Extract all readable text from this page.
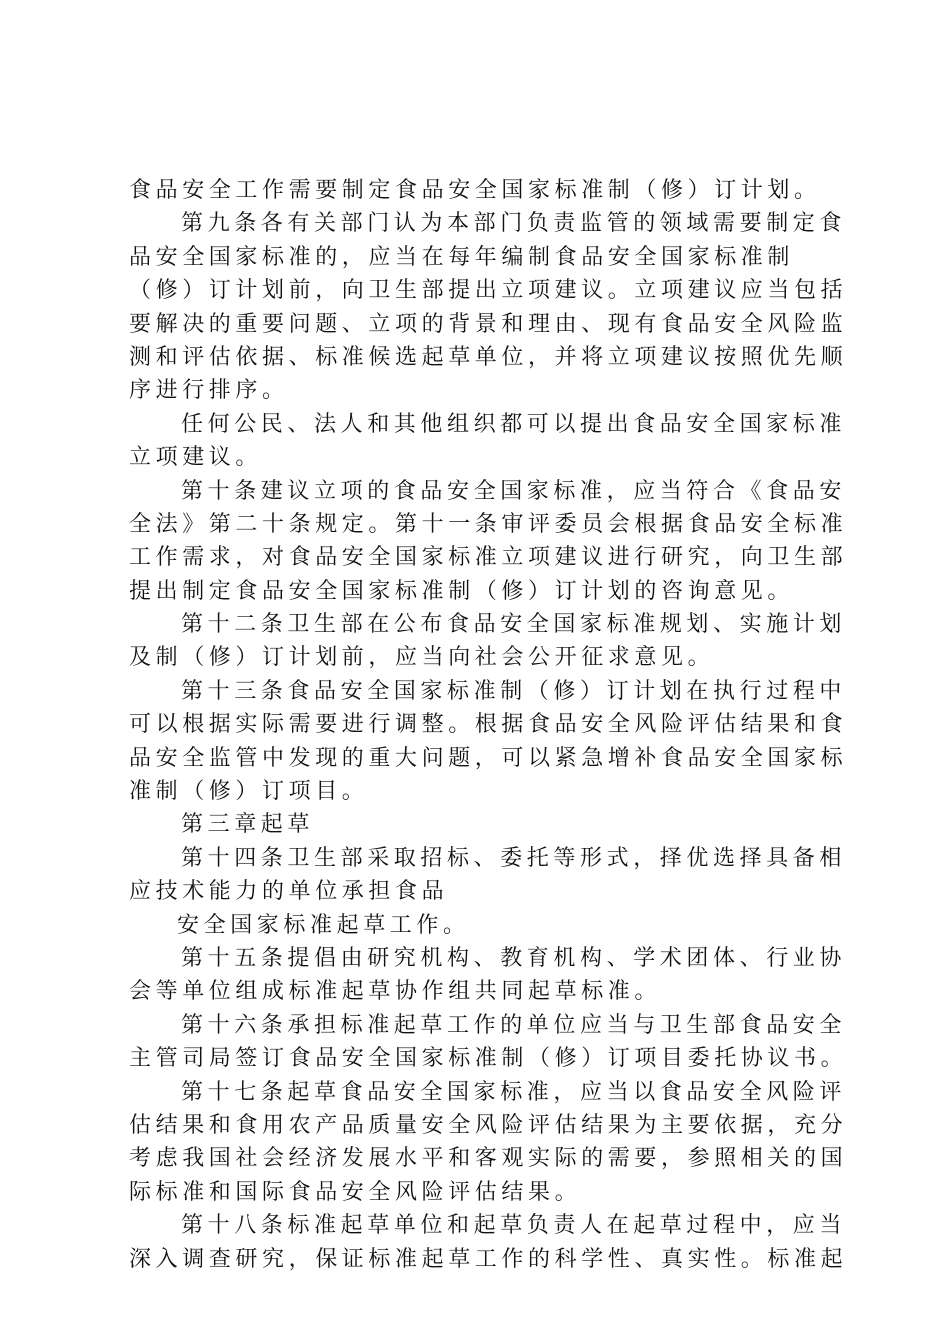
食品安全工作需要制定食品安全国家标准制（修）订计划。
第九条各有关部门认为本部门负责监管的领域需要制定食
品安全国家标准的，应当在每年编制食品安全国家标准制
（修）订计划前，向卫生部提出立项建议。立项建议应当包括
要解决的重要问题、立项的背景和理由、现有食品安全风险监
测和评估依据、标准候选起草单位，并将立项建议按照优先顺
序进行排序。
任何公民、法人和其他组织都可以提出食品安全国家标准
立项建议。
第十条建议立项的食品安全国家标准，应当符合《食品安
全法》第二十条规定。第十一条审评委员会根据食品安全标准
工作需求，对食品安全国家标准立项建议进行研究，向卫生部
提出制定食品安全国家标准制（修）订计划的咨询意见。
第十二条卫生部在公布食品安全国家标准规划、实施计划
及制（修）订计划前，应当向社会公开征求意见。
第十三条食品安全国家标准制（修）订计划在执行过程中
可以根据实际需要进行调整。根据食品安全风险评估结果和食
品安全监管中发现的重大问题，可以紧急增补食品安全国家标
准制（修）订项目。
第三章起草
第十四条卫生部采取招标、委托等形式，择优选择具备相
应技术能力的单位承担食品
安全国家标准起草工作。
第十五条提倡由研究机构、教育机构、学术团体、行业协
会等单位组成标准起草协作组共同起草标准。
第十六条承担标准起草工作的单位应当与卫生部食品安全
主管司局签订食品安全国家标准制（修）订项目委托协议书。
第十七条起草食品安全国家标准，应当以食品安全风险评
估结果和食用农产品质量安全风险评估结果为主要依据，充分
考虑我国社会经济发展水平和客观实际的需要，参照相关的国
际标准和国际食品安全风险评估结果。
第十八条标准起草单位和起草负责人在起草过程中，应当
深入调查研究，保证标准起草工作的科学性、真实性。标准起
